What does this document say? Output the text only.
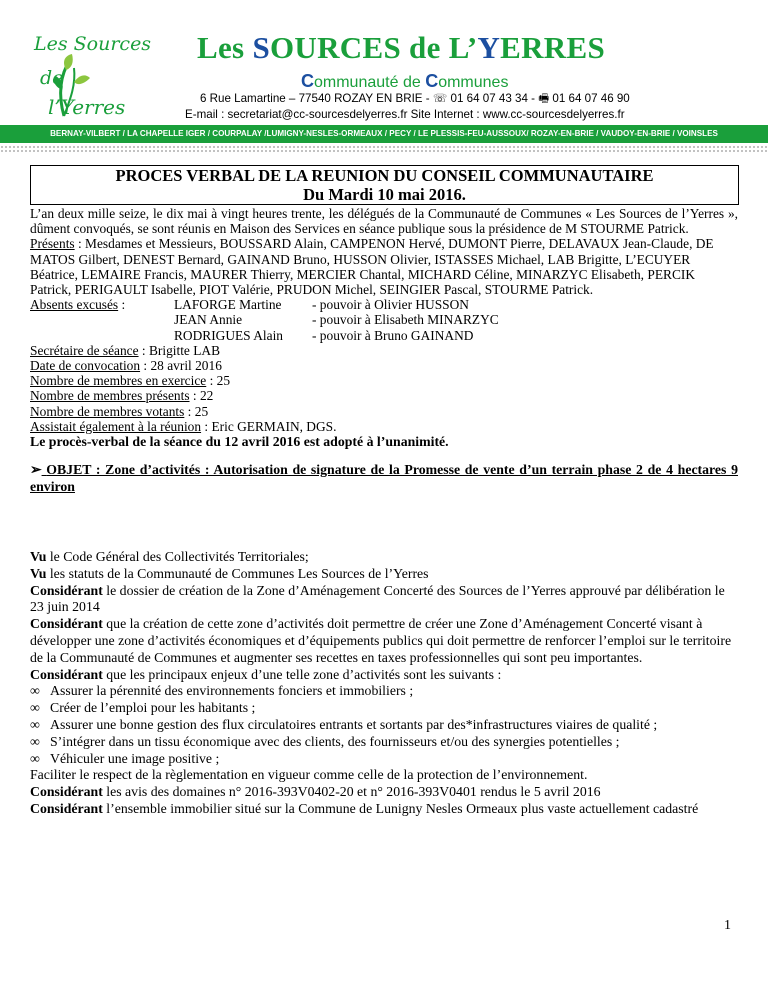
Les Sources
de
l’Yerres
Les SOURCES de L’YERRES
Communauté de Communes
6 Rue Lamartine – 77540 ROZAY EN BRIE - ☏ 01 64 07 43 34 - 🖷 01 64 07 46 90
E-mail : secretariat@cc-sourcesdelyerres.fr Site Internet : www.cc-sourcesdelyerres.fr
BERNAY-VILBERT / LA CHAPELLE IGER / COURPALAY /LUMIGNY-NESLES-ORMEAUX / PECY / LE PLESSIS-FEU-AUSSOUX/ ROZAY-EN-BRIE / VAUDOY-EN-BRIE / VOINSLES
PROCES VERBAL DE LA REUNION DU CONSEIL COMMUNAUTAIRE
Du Mardi 10 mai 2016.

L’an deux mille seize, le dix mai à vingt heures trente, les délégués de la Communauté de Communes « Les Sources de l’Yerres », dûment convoqués, se sont réunis en Maison des Services en séance publique sous la présidence de M STOURME Patrick.

Présents : Mesdames et Messieurs, BOUSSARD Alain, CAMPENON Hervé, DUMONT Pierre, DELAVAUX Jean-Claude, DE MATOS Gilbert, DENEST Bernard, GAINAND Bruno, HUSSON Olivier, ISTASSES Michael, LAB Brigitte, L’ECUYER Béatrice, LEMAIRE Francis, MAURER Thierry, MERCIER Chantal, MICHARD Céline, MINARZYC Elisabeth, PERCIK Patrick, PERIGAULT Isabelle, PIOT Valérie, PRUDON Michel, SEINGIER Pascal, STOURME Patrick.

Absents excusés :	LAFORGE Martine	- pouvoir à Olivier HUSSON
JEAN Annie	- pouvoir à Elisabeth MINARZYC
RODRIGUES Alain	- pouvoir à Bruno GAINAND

Secrétaire de séance : Brigitte LAB

Date de convocation : 28 avril 2016

Nombre de membres en exercice : 25

Nombre de membres présents : 22

Nombre de membres votants : 25

Assistait également à la réunion : Eric GERMAIN, DGS.

Le procès-verbal de la séance du 12 avril 2016 est adopté à l’unanimité.

➢ OBJET : Zone d’activités : Autorisation de signature de la Promesse de vente d’un terrain phase 2 de 4 hectares 9 environ

Vu le Code Général des Collectivités Territoriales;

Vu les statuts de la Communauté de Communes Les Sources de l’Yerres

Considérant le dossier de création de la Zone d’Aménagement Concerté des Sources de l’Yerres approuvé par délibération le 23 juin 2014

Considérant que la création de cette zone d’activités doit permettre de créer une Zone d’Aménagement Concerté visant à développer une zone d’activités économiques et d’équipements publics qui doit permettre de renforcer l’emploi sur le territoire de la Communauté de Communes et augmenter ses recettes en taxes professionnelles qui sont peu importantes.

Considérant que les principaux enjeux d’une telle zone d’activités sont les suivants :

∞ Assurer la pérennité des environnements fonciers et immobiliers ;

∞ Créer de l’emploi pour les habitants ;

∞ Assurer une bonne gestion des flux circulatoires entrants et sortants par des*infrastructures viaires de qualité ;

∞ S’intégrer dans un tissu économique avec des clients, des fournisseurs et/ou des synergies potentielles ;

∞ Véhiculer une image positive ;

Faciliter le respect de la règlementation en vigueur comme celle de la protection de l’environnement.

Considérant les avis des domaines n° 2016-393V0402-20 et n° 2016-393V0401 rendus le 5 avril 2016

Considérant l’ensemble immobilier situé sur la Commune de Lunigny Nesles Ormeaux plus vaste actuellement cadastré

1
